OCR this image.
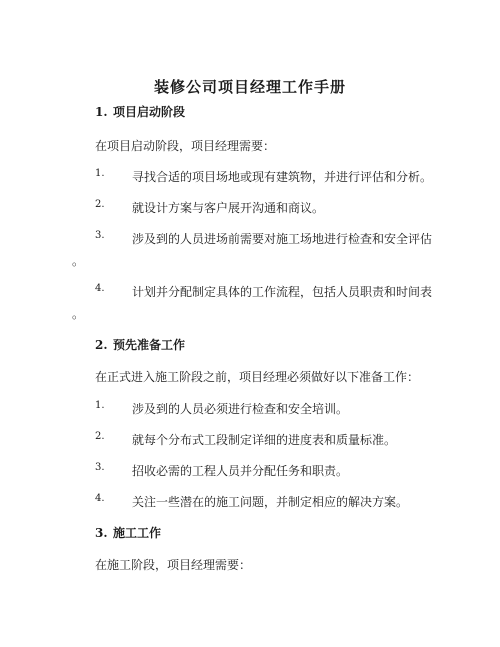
装修公司项目经理工作手册
1. 项目启动阶段
在项目启动阶段，项目经理需要：
1. 寻找合适的项目场地或现有建筑物，并进行评估和分析。
2. 就设计方案与客户展开沟通和商议。
3. 涉及到的人员进场前需要对施工场地进行检查和安全评估
。
4. 计划并分配制定具体的工作流程，包括人员职责和时间表
。
2. 预先准备工作
在正式进入施工阶段之前，项目经理必须做好以下准备工作：
1. 涉及到的人员必须进行检查和安全培训。
2. 就每个分布式工段制定详细的进度表和质量标准。
3. 招收必需的工程人员并分配任务和职责。
4. 关注一些潜在的施工问题，并制定相应的解决方案。
3. 施工工作
在施工阶段，项目经理需要：
